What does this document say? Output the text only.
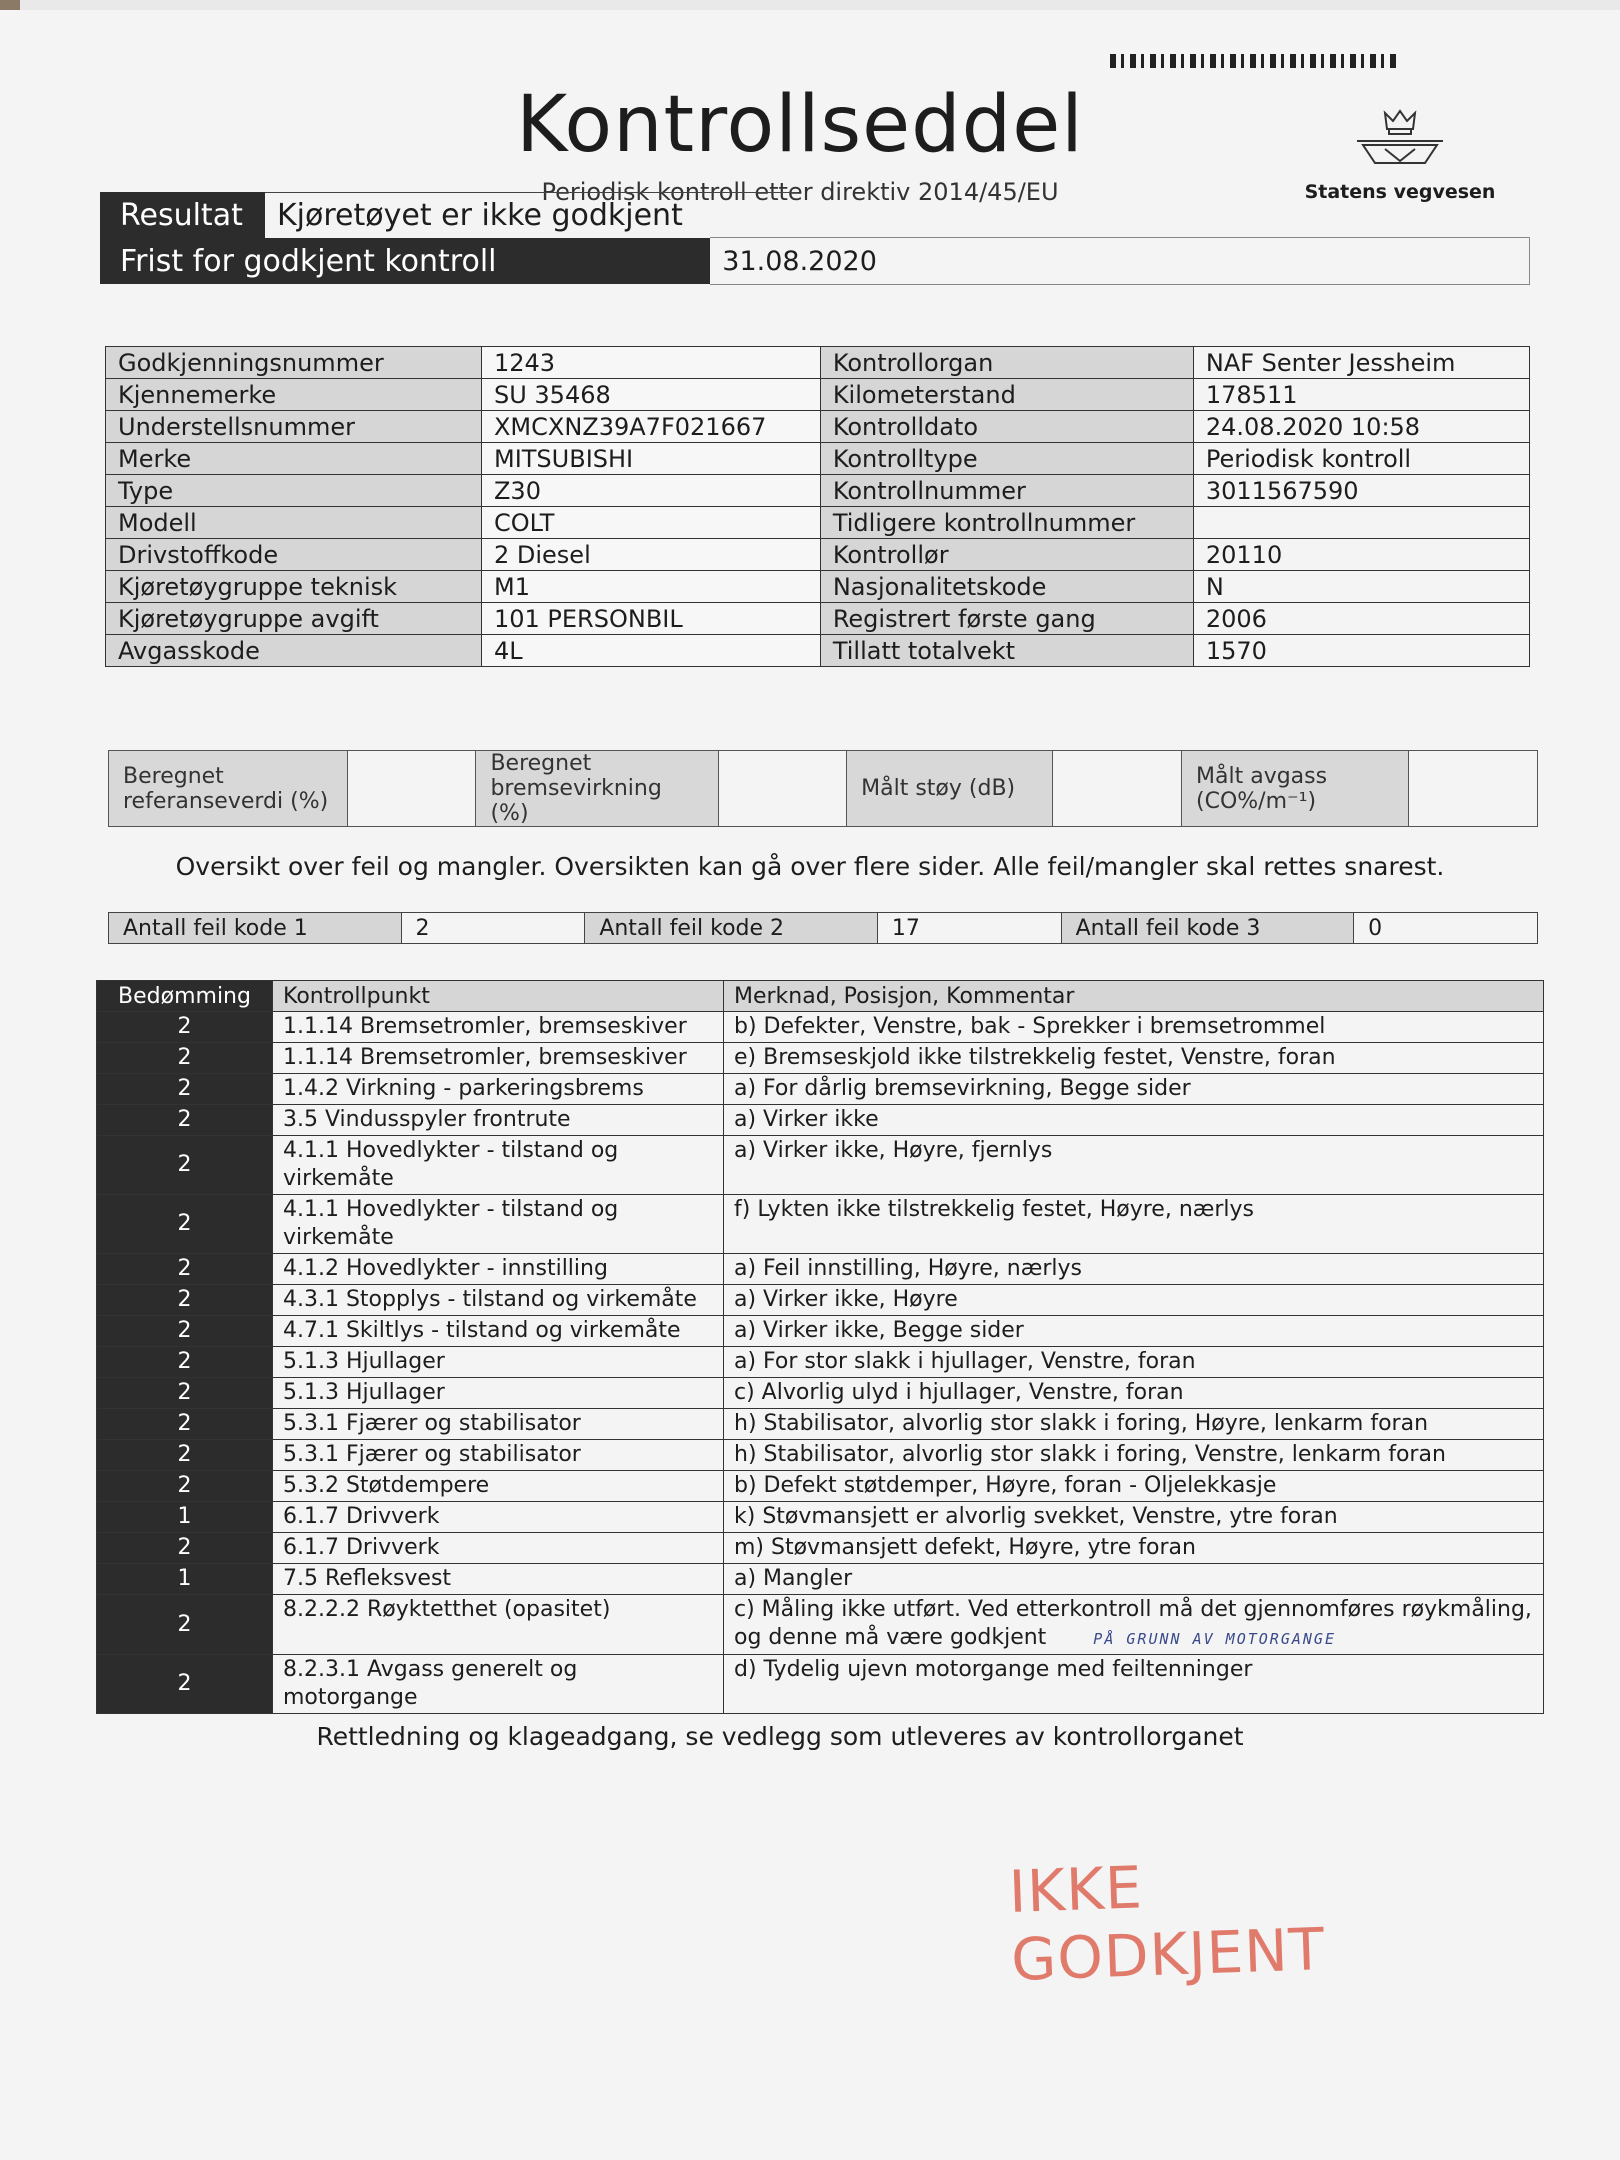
Kontrollseddel
Periodisk kontroll etter direktiv 2014/45/EU	Statens vegvesen
Resultat	Kjøretøyet er ikke godkjent
Frist for godkjent kontroll	31.08.2020
Godkjenningsnummer	1243	Kontrollorgan	NAF Senter Jessheim
Kjennemerke	SU 35468	Kilometerstand	178511
Understellsnummer	XMCXNZ39A7F021667	Kontrolldato	24.08.2020 10:58
Merke	MITSUBISHI	Kontrolltype	Periodisk kontroll
Type	Z30	Kontrollnummer	3011567590
Modell	COLT	Tidligere kontrollnummer	
Drivstoffkode	2 Diesel	Kontrollør	20110
Kjøretøygruppe teknisk	M1	Nasjonalitetskode	N
Kjøretøygruppe avgift	101 PERSONBIL	Registrert første gang	2006
Avgasskode	4L	Tillatt totalvekt	1570
Beregnet referanseverdi (%)		Beregnet bremsevirkning (%)		Målt støy (dB)		Målt avgass (CO%/m⁻¹)	
Oversikt over feil og mangler. Oversikten kan gå over flere sider. Alle feil/mangler skal rettes snarest.
Antall feil kode 1	2	Antall feil kode 2	17	Antall feil kode 3	0
Bedømming	Kontrollpunkt	Merknad, Posisjon, Kommentar
2	1.1.14 Bremsetromler, bremseskiver	b) Defekter, Venstre, bak - Sprekker i bremsetrommel
2	1.1.14 Bremsetromler, bremseskiver	e) Bremseskjold ikke tilstrekkelig festet, Venstre, foran
2	1.4.2 Virkning - parkeringsbrems	a) For dårlig bremsevirkning, Begge sider
2	3.5 Vindusspyler frontrute	a) Virker ikke
2	4.1.1 Hovedlykter - tilstand og virkemåte	a) Virker ikke, Høyre, fjernlys
2	4.1.1 Hovedlykter - tilstand og virkemåte	f) Lykten ikke tilstrekkelig festet, Høyre, nærlys
2	4.1.2 Hovedlykter - innstilling	a) Feil innstilling, Høyre, nærlys
2	4.3.1 Stopplys - tilstand og virkemåte	a) Virker ikke, Høyre
2	4.7.1 Skiltlys - tilstand og virkemåte	a) Virker ikke, Begge sider
2	5.1.3 Hjullager	a) For stor slakk i hjullager, Venstre, foran
2	5.1.3 Hjullager	c) Alvorlig ulyd i hjullager, Venstre, foran
2	5.3.1 Fjærer og stabilisator	h) Stabilisator, alvorlig stor slakk i foring, Høyre, lenkarm foran
2	5.3.1 Fjærer og stabilisator	h) Stabilisator, alvorlig stor slakk i foring, Venstre, lenkarm foran
2	5.3.2 Støtdempere	b) Defekt støtdemper, Høyre, foran - Oljelekkasje
1	6.1.7 Drivverk	k) Støvmansjett er alvorlig svekket, Venstre, ytre foran
2	6.1.7 Drivverk	m) Støvmansjett defekt, Høyre, ytre foran
1	7.5 Refleksvest	a) Mangler
2	8.2.2.2 Røyktetthet (opasitet)	c) Måling ikke utført. Ved etterkontroll må det gjennomføres røykmåling, og denne må være godkjent PÅ GRUNN AV MOTORGANGE
2	8.2.3.1 Avgass generelt og motorgange	d) Tydelig ujevn motorgange med feiltenninger
Rettledning og klageadgang, se vedlegg som utleveres av kontrollorganet
IKKE GODKJENT
